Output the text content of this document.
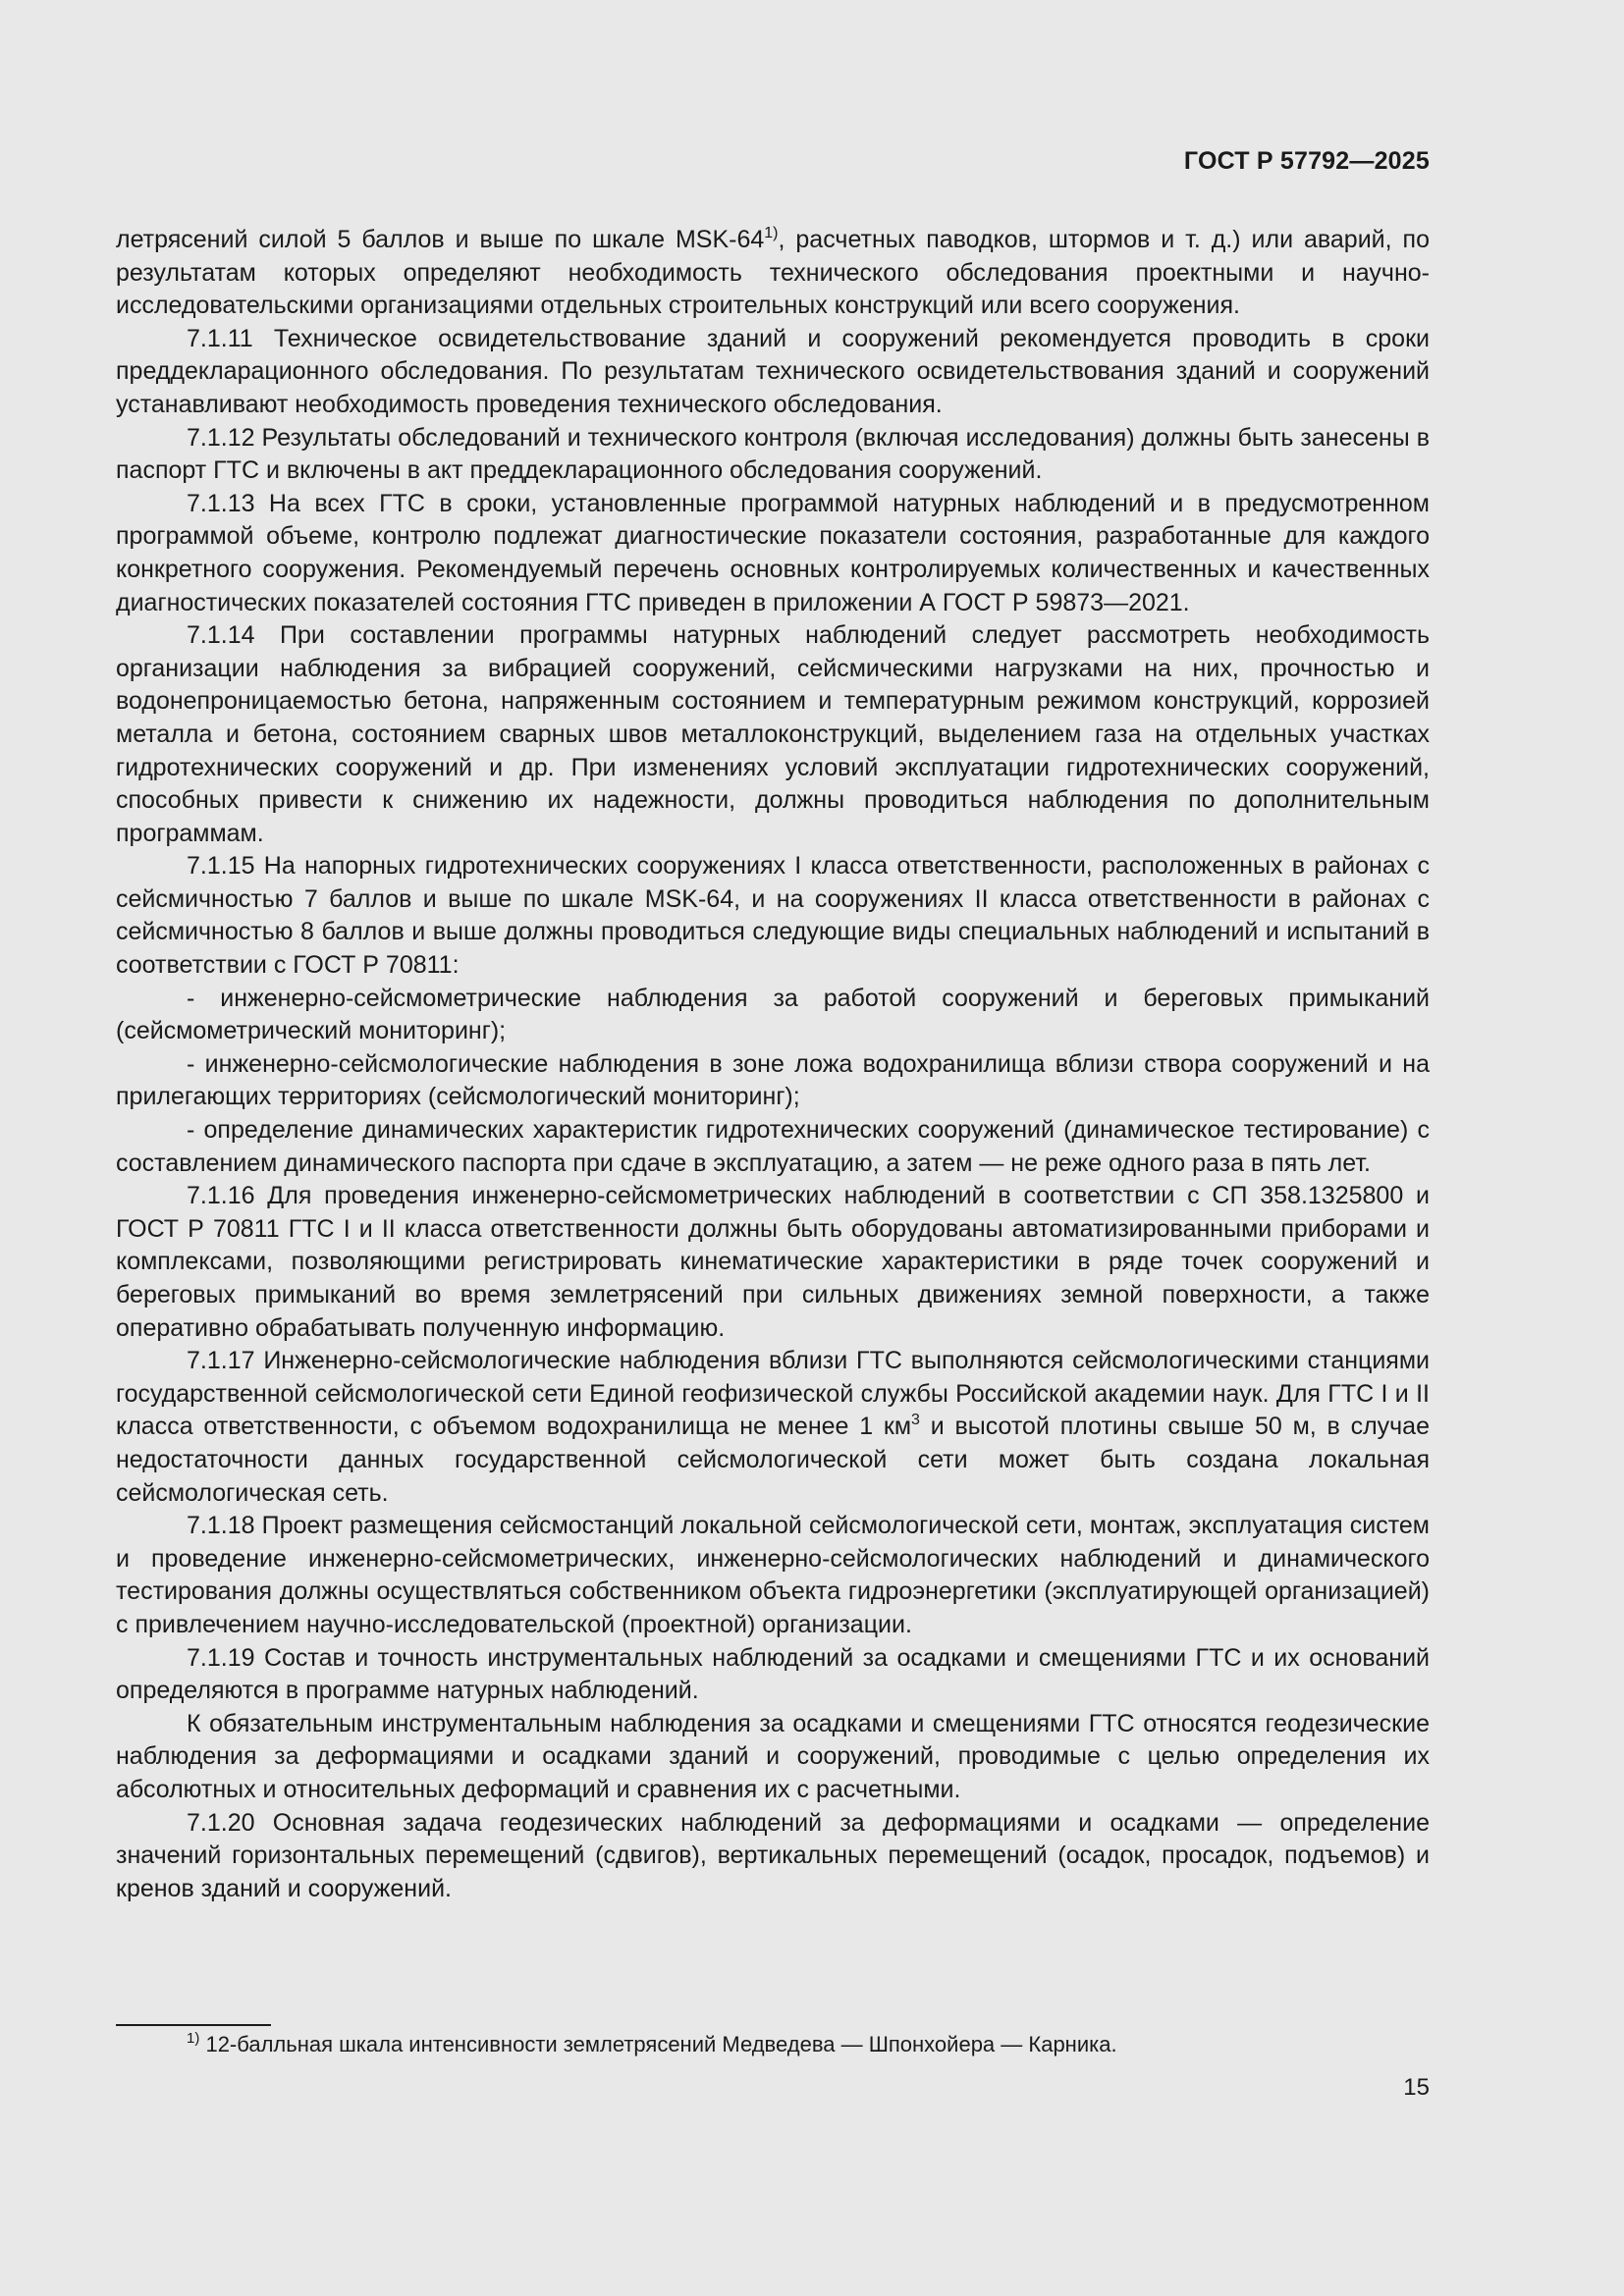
ГОСТ Р 57792—2025

летрясений силой 5 баллов и выше по шкале MSK-64$^{1)}$, расчетных паводков, штормов и т. д.) или аварий, по результатам которых определяют необходимость технического обследования проектными и научно-исследовательскими организациями отдельных строительных конструкций или всего сооружения.

7.1.11 Техническое освидетельствование зданий и сооружений рекомендуется проводить в сроки преддекларационного обследования. По результатам технического освидетельствования зданий и сооружений устанавливают необходимость проведения технического обследования.

7.1.12 Результаты обследований и технического контроля (включая исследования) должны быть занесены в паспорт ГТС и включены в акт преддекларационного обследования сооружений.

7.1.13 На всех ГТС в сроки, установленные программой натурных наблюдений и в предусмотренном программой объеме, контролю подлежат диагностические показатели состояния, разработанные для каждого конкретного сооружения. Рекомендуемый перечень основных контролируемых количественных и качественных диагностических показателей состояния ГТС приведен в приложении А ГОСТ Р 59873—2021.

7.1.14 При составлении программы натурных наблюдений следует рассмотреть необходимость организации наблюдения за вибрацией сооружений, сейсмическими нагрузками на них, прочностью и водонепроницаемостью бетона, напряженным состоянием и температурным режимом конструкций, коррозией металла и бетона, состоянием сварных швов металлоконструкций, выделением газа на отдельных участках гидротехнических сооружений и др. При изменениях условий эксплуатации гидротехнических сооружений, способных привести к снижению их надежности, должны проводиться наблюдения по дополнительным программам.

7.1.15 На напорных гидротехнических сооружениях I класса ответственности, расположенных в районах с сейсмичностью 7 баллов и выше по шкале MSK-64, и на сооружениях II класса ответственности в районах с сейсмичностью 8 баллов и выше должны проводиться следующие виды специальных наблюдений и испытаний в соответствии с ГОСТ Р 70811:

- инженерно-сейсмометрические наблюдения за работой сооружений и береговых примыканий (сейсмометрический мониторинг);

- инженерно-сейсмологические наблюдения в зоне ложа водохранилища вблизи створа сооружений и на прилегающих территориях (сейсмологический мониторинг);

- определение динамических характеристик гидротехнических сооружений (динамическое тестирование) с составлением динамического паспорта при сдаче в эксплуатацию, а затем — не реже одного раза в пять лет.

7.1.16 Для проведения инженерно-сейсмометрических наблюдений в соответствии с СП 358.1325800 и ГОСТ Р 70811 ГТС I и II класса ответственности должны быть оборудованы автоматизированными приборами и комплексами, позволяющими регистрировать кинематические характеристики в ряде точек сооружений и береговых примыканий во время землетрясений при сильных движениях земной поверхности, а также оперативно обрабатывать полученную информацию.

7.1.17 Инженерно-сейсмологические наблюдения вблизи ГТС выполняются сейсмологическими станциями государственной сейсмологической сети Единой геофизической службы Российской академии наук. Для ГТС I и II класса ответственности, с объемом водохранилища не менее 1 $км^3$ и высотой плотины свыше 50 м, в случае недостаточности данных государственной сейсмологической сети может быть создана локальная сейсмологическая сеть.

7.1.18 Проект размещения сейсмостанций локальной сейсмологической сети, монтаж, эксплуатация систем и проведение инженерно-сейсмометрических, инженерно-сейсмологических наблюдений и динамического тестирования должны осуществляться собственником объекта гидроэнергетики (эксплуатирующей организацией) с привлечением научно-исследовательской (проектной) организации.

7.1.19 Состав и точность инструментальных наблюдений за осадками и смещениями ГТС и их оснований определяются в программе натурных наблюдений.

К обязательным инструментальным наблюдения за осадками и смещениями ГТС относятся геодезические наблюдения за деформациями и осадками зданий и сооружений, проводимые с целью определения их абсолютных и относительных деформаций и сравнения их с расчетными.

7.1.20 Основная задача геодезических наблюдений за деформациями и осадками — определение значений горизонтальных перемещений (сдвигов), вертикальных перемещений (осадок, просадок, подъемов) и кренов зданий и сооружений.

$^{1)}$ 12-балльная шкала интенсивности землетрясений Медведева — Шпонхойера — Карника.
15
